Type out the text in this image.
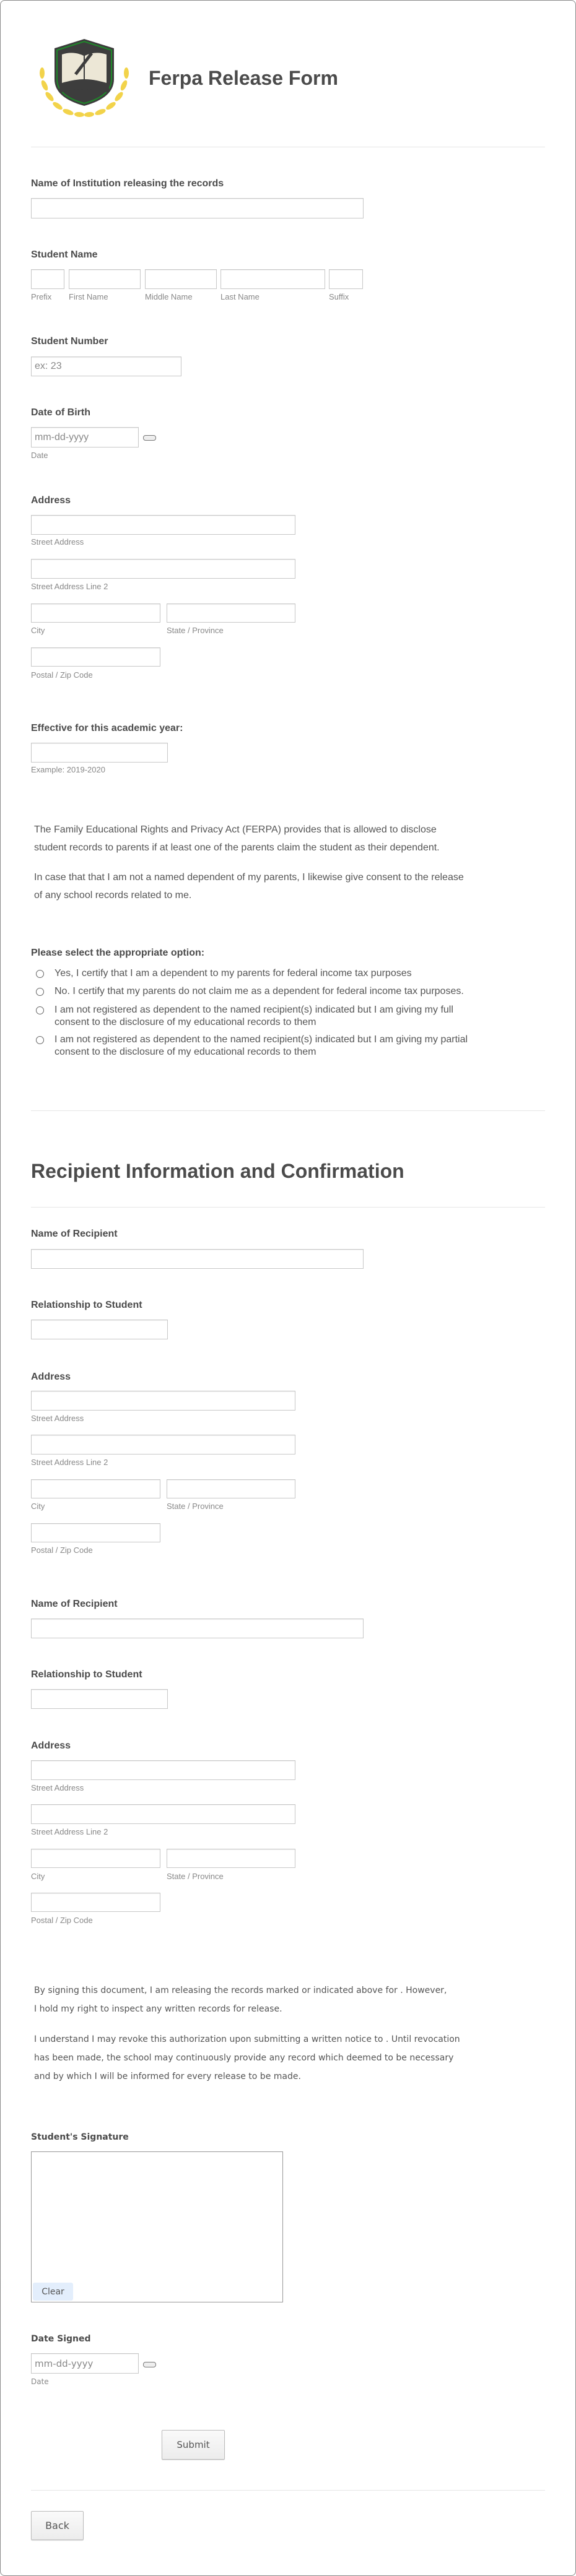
Ferpa Release Form
Name of Institution releasing the records
Student Name
Prefix First Name	Middle Name	Last Name	Suffix
Student Number
ex: 23
Date of Birth
mm-dd-yyyy
Date
Address
Street Address
Street Address Line 2
City	State / Province
Postal / Zip Code
Effective for this academic year:
Example: 2019-2020
The Family Educational Rights and Privacy Act (FERPA) provides that is allowed to disclose
student records to parents if at least one of the parents claim the student as their dependent.
In case that that I am not a named dependent of my parents, I likewise give consent to the release
of any school records related to me.
Please select the appropriate option:
Yes, I certify that I am a dependent to my parents for federal income tax purposes
No. I certify that my parents do not claim me as a dependent for federal income tax purposes.
I am not registered as dependent to the named recipient(s) indicated but I am giving my full
consent to the disclosure of my educational records to them
I am not registered as dependent to the named recipient(s) indicated but I am giving my partial
consent to the disclosure of my educational records to them
Recipient Information and Confirmation
Name of Recipient
Relationship to Student
Address
Street Address
Street Address Line 2
City	State / Province
Postal / Zip Code
Name of Recipient
Relationship to Student
Address
Street Address
Street Address Line 2
City	State / Province
Postal / Zip Code
By signing this document, I am releasing the records marked or indicated above for . However,
I hold my right to inspect any written records for release.
I understand I may revoke this authorization upon submitting a written notice to . Until revocation
has been made, the school may continuously provide any record which deemed to be necessary
and by which I will be informed for every release to be made.
Student's Signature
Clear
Date Signed
mm-dd-yyyy
Date
Submit
Back
